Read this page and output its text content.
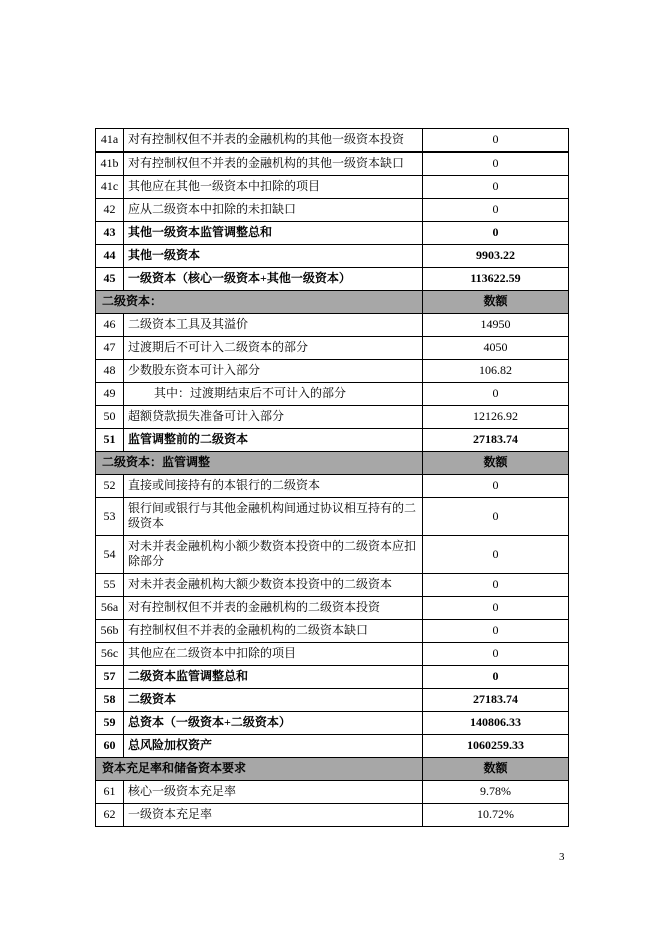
41a	对有控制权但不并表的金融机构的其他一级资本投资	0
41b	对有控制权但不并表的金融机构的其他一级资本缺口	0
41c	其他应在其他一级资本中扣除的项目	0
42	应从二级资本中扣除的未扣缺口	0
43	其他一级资本监管调整总和	0
44	其他一级资本	9903.22
45	一级资本（核心一级资本+其他一级资本）	113622.59
二级资本：		数额
46	二级资本工具及其溢价	14950
47	过渡期后不可计入二级资本的部分	4050
48	少数股东资本可计入部分	106.82
49	其中：过渡期结束后不可计入的部分	0
50	超额贷款损失准备可计入部分	12126.92
51	监管调整前的二级资本	27183.74
二级资本：监管调整		数额
52	直接或间接持有的本银行的二级资本	0
53	银行间或银行与其他金融机构间通过协议相互持有的二级资本	0
54	对未并表金融机构小额少数资本投资中的二级资本应扣除部分	0
55	对未并表金融机构大额少数资本投资中的二级资本	0
56a	对有控制权但不并表的金融机构的二级资本投资	0
56b	有控制权但不并表的金融机构的二级资本缺口	0
56c	其他应在二级资本中扣除的项目	0
57	二级资本监管调整总和	0
58	二级资本	27183.74
59	总资本（一级资本+二级资本）	140806.33
60	总风险加权资产	1060259.33
资本充足率和储备资本要求		数额
61	核心一级资本充足率	9.78%
62	一级资本充足率	10.72%
3
